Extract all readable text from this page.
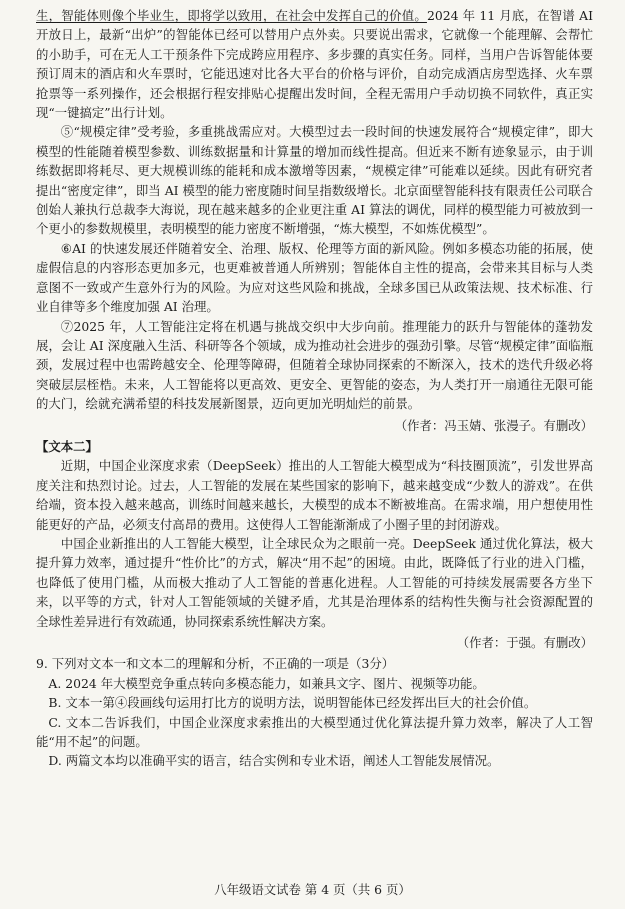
生，智能体则像个毕业生，即将学以致用，在社会中发挥自己的价值。2024 年 11 月底，在智谱 AI 开放日上，最新“出炉”的智能体已经可以替用户点外卖。只要说出需求，它就像一个能理解、会帮忙的小助手，可在无人工干预条件下完成跨应用程序、多步骤的真实任务。同样，当用户告诉智能体要预订周末的酒店和火车票时，它能迅速对比各大平台的价格与评价，自动完成酒店房型选择、火车票抢票等一系列操作，还会根据行程安排贴心提醒出发时间，全程无需用户手动切换不同软件，真正实现“一键搞定”出行计划。

⑤“规模定律”受考验，多重挑战需应对。大模型过去一段时间的快速发展符合“规模定律”，即大模型的性能随着模型参数、训练数据量和计算量的增加而线性提高。但近来不断有迹象显示，由于训练数据即将耗尽、更大规模训练的能耗和成本激增等因素，“规模定律”可能难以延续。因此有研究者提出“密度定律”，即当 AI 模型的能力密度随时间呈指数级增长。北京面壁智能科技有限责任公司联合创始人兼执行总裁李大海说，现在越来越多的企业更注重 AI 算法的调优，同样的模型能力可被放到一个更小的参数规模里，表明模型的能力密度不断增强，“炼大模型，不如炼优模型”。

⑥AI 的快速发展还伴随着安全、治理、版权、伦理等方面的新风险。例如多模态功能的拓展，使虚假信息的内容形态更加多元，也更难被普通人所辨别；智能体自主性的提高，会带来其目标与人类意图不一致或产生意外行为的风险。为应对这些风险和挑战，全球多国已从政策法规、技术标准、行业自律等多个维度加强 AI 治理。

⑦2025 年，人工智能注定将在机遇与挑战交织中大步向前。推理能力的跃升与智能体的蓬勃发展，会让 AI 深度融入生活、科研等各个领域，成为推动社会进步的强劲引擎。尽管“规模定律”面临瓶颈，发展过程中也需跨越安全、伦理等障碍，但随着全球协同探索的不断深入，技术的迭代升级必将突破层层桎梏。未来，人工智能将以更高效、更安全、更智能的姿态，为人类打开一扇通往无限可能的大门，绘就充满希望的科技发展新图景，迈向更加光明灿烂的前景。

（作者：冯玉婧、张漫子。有删改）

【文本二】

近期，中国企业深度求索（DeepSeek）推出的人工智能大模型成为“科技圈顶流”，引发世界高度关注和热烈讨论。过去，人工智能的发展在某些国家的影响下，越来越变成“少数人的游戏”。在供给端，资本投入越来越高，训练时间越来越长，大模型的成本不断被堆高。在需求端，用户想使用性能更好的产品，必须支付高昂的费用。这使得人工智能渐渐成了小圈子里的封闭游戏。

中国企业新推出的人工智能大模型，让全球民众为之眼前一亮。DeepSeek 通过优化算法，极大提升算力效率，通过提升“性价比”的方式，解决“用不起”的困境。由此，既降低了行业的进入门槛，也降低了使用门槛，从而极大推动了人工智能的普惠化进程。人工智能的可持续发展需要各方坐下来，以平等的方式，针对人工智能领域的关键矛盾，尤其是治理体系的结构性失衡与社会资源配置的全球性差异进行有效疏通，协同探索系统性解决方案。

（作者：于强。有删改）

9. 下列对文本一和文本二的理解和分析，不正确的一项是（3分）

A. 2024 年大模型竞争重点转向多模态能力，如兼具文字、图片、视频等功能。

B. 文本一第④段画线句运用打比方的说明方法，说明智能体已经发挥出巨大的社会价值。

C. 文本二告诉我们，中国企业深度求索推出的大模型通过优化算法提升算力效率，解决了人工智能“用不起”的问题。

D. 两篇文本均以准确平实的语言，结合实例和专业术语，阐述人工智能发展情况。

八年级语文试卷 第 4 页（共 6 页）
